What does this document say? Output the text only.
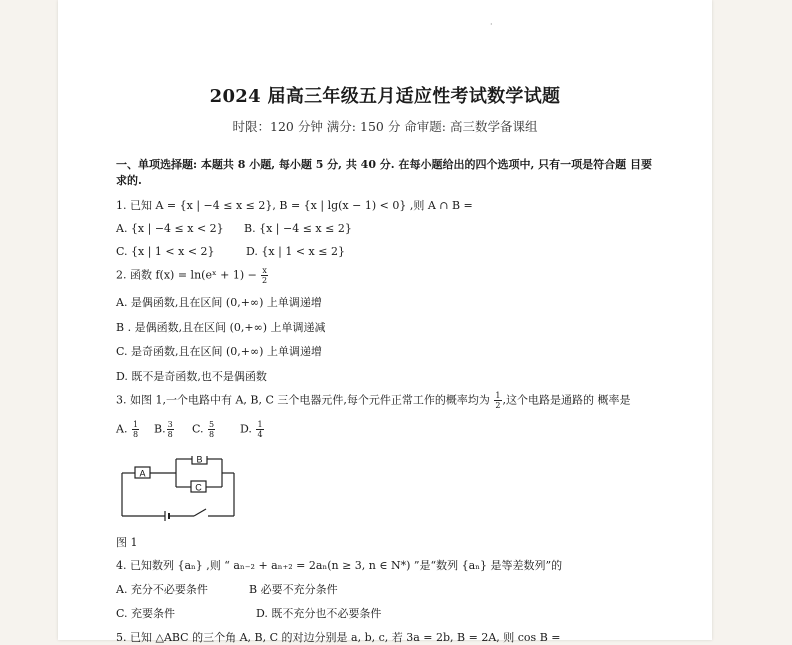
·
2024 届高三年级五月适应性考试数学试题
时限：120 分钟 满分: 150 分 命审题: 高三数学备课组
一、单项选择题: 本题共 8 小题, 每小题 5 分, 共 40 分. 在每小题给出的四个选项中, 只有一项是符合题 目要求的.
1. 已知 A = {x | −4 ≤ x ≤ 2}, B = {x | lg(x − 1) < 0} ,则 A ∩ B =
A. {x | −4 ≤ x < 2} B. {x | −4 ≤ x ≤ 2}
C. {x | 1 < x < 2}	D. {x | 1 < x ≤ 2}
2. 函数 f(x) = ln(eˣ + $1) - \frac{x}{2}$
A. 是偶函数,且在区间 (0,+∞) 上单调递增
B . 是偶函数,且在区间 (0,+∞) 上单调递减
C. 是奇函数,且在区间 (0,+∞) 上单调递增
D. 既不是奇函数,也不是偶函数
3. 如图 1,一个电路中有 A, B, C 三个电器元件,每个元件正常工作的概率均为 $\frac{1}{2}$ ,这个电路是通路的 概率是
A. $\frac{1}{8} B$. $\frac{3}{8} C$. $\frac{5}{8} D$. $\frac{1}{4}$
A
B
C
图 1
4. 已知数列 {aₙ} ,则 “ aₙ₋₂ + aₙ₊₂ = 2aₙ(n ≥ 3, n ∈ N*) ”是“数列 {aₙ} 是等差数列”的
A. 充分不必要条件	B 必要不充分条件
C. 充要条件	D. 既不充分也不必要条件
5. 已知 △ABC 的三个角 A, B, C 的对边分别是 a, b, c, 若 3a = 2b, B = 2A, 则 cos B =
